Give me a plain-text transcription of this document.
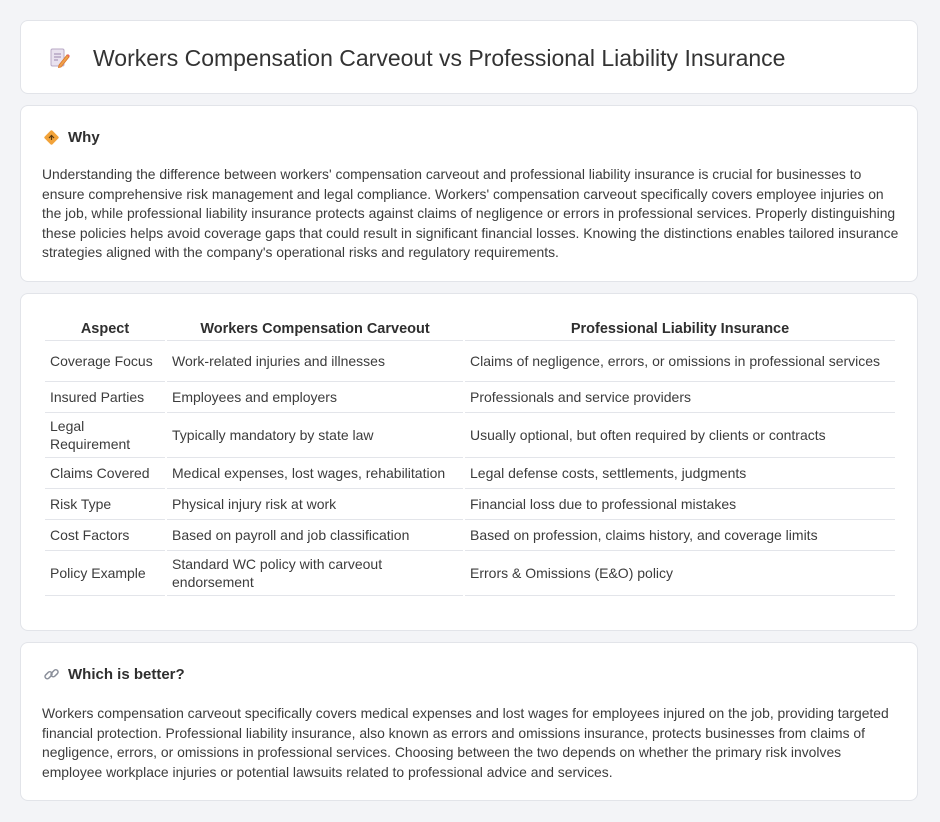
Workers Compensation Carveout vs Professional Liability Insurance
Why

Understanding the difference between workers' compensation carveout and professional liability insurance is crucial for businesses to ensure comprehensive risk management and legal compliance. Workers' compensation carveout specifically covers employee injuries on the job, while professional liability insurance protects against claims of negligence or errors in professional services. Properly distinguishing these policies helps avoid coverage gaps that could result in significant financial losses. Knowing the distinctions enables tailored insurance strategies aligned with the company's operational risks and regulatory requirements.

Aspect	Workers Compensation Carveout	Professional Liability Insurance
Coverage Focus	Work-related injuries and illnesses	Claims of negligence, errors, or omissions in professional services
Insured Parties	Employees and employers	Professionals and service providers
Legal Requirement	Typically mandatory by state law	Usually optional, but often required by clients or contracts
Claims Covered	Medical expenses, lost wages, rehabilitation	Legal defense costs, settlements, judgments
Risk Type	Physical injury risk at work	Financial loss due to professional mistakes
Cost Factors	Based on payroll and job classification	Based on profession, claims history, and coverage limits
Policy Example	Standard WC policy with carveout endorsement	Errors & Omissions (E&O) policy
Which is better?

Workers compensation carveout specifically covers medical expenses and lost wages for employees injured on the job, providing targeted financial protection. Professional liability insurance, also known as errors and omissions insurance, protects businesses from claims of negligence, errors, or omissions in professional services. Choosing between the two depends on whether the primary risk involves employee workplace injuries or potential lawsuits related to professional advice and services.
